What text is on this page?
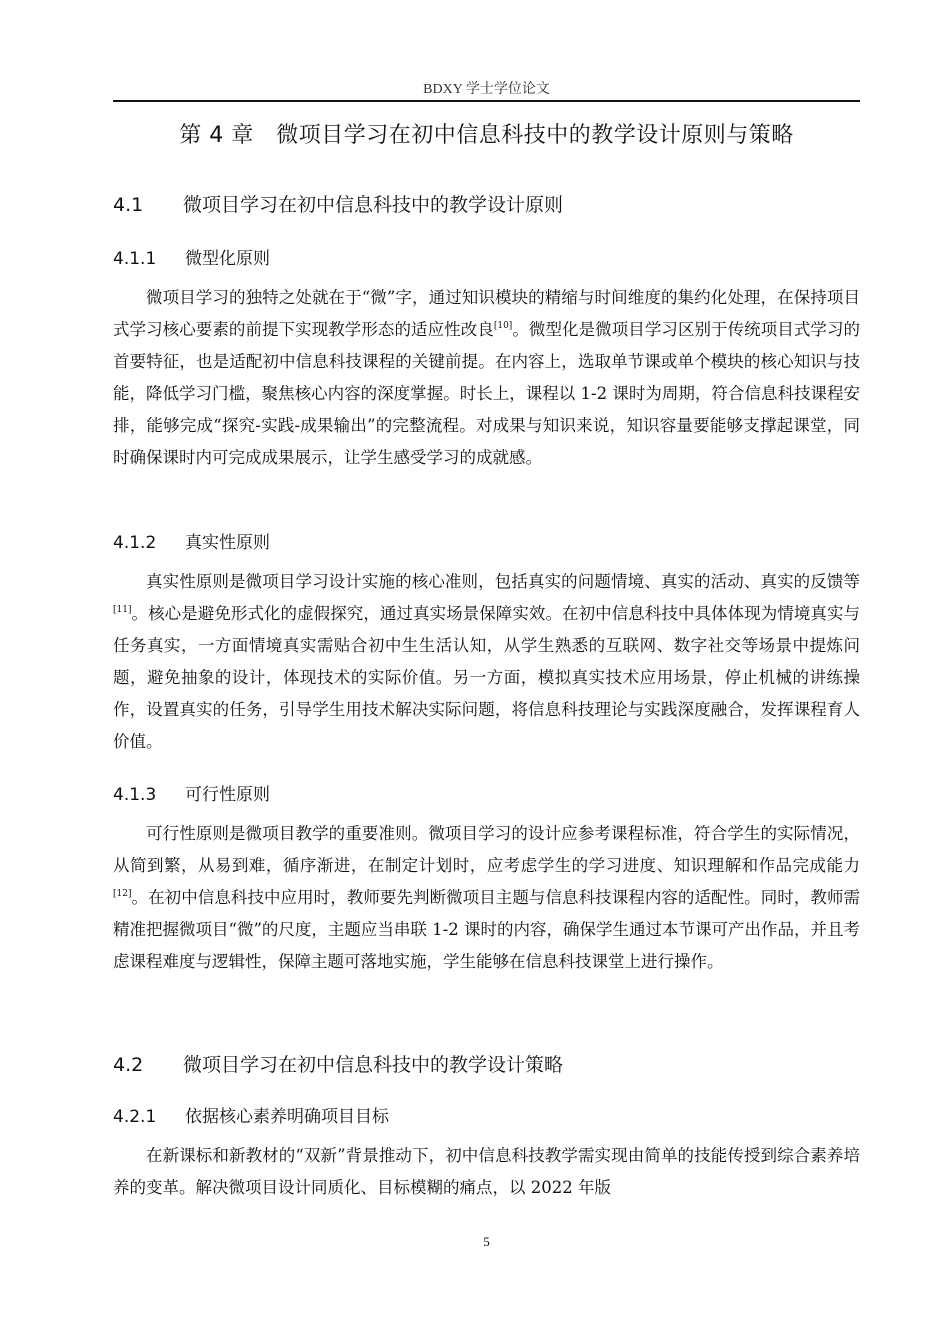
BDXY 学士学位论文
第 4 章　微项目学习在初中信息科技中的教学设计原则与策略
4.1 微项目学习在初中信息科技中的教学设计原则
4.1.1 微型化原则

微项目学习的独特之处就在于“微”字，通过知识模块的精缩与时间维度的集约化处理，在保持项目式学习核心要素的前提下实现教学形态的适应性改良[10]。微型化是微项目学习区别于传统项目式学习的首要特征，也是适配初中信息科技课程的关键前提。在内容上，选取单节课或单个模块的核心知识与技能，降低学习门槛，聚焦核心内容的深度掌握。时长上，课程以 1-2 课时为周期，符合信息科技课程安排，能够完成“探究-实践-成果输出”的完整流程。对成果与知识来说，知识容量要能够支撑起课堂，同时确保课时内可完成成果展示，让学生感受学习的成就感。

4.1.2 真实性原则

真实性原则是微项目学习设计实施的核心准则，包括真实的问题情境、真实的活动、真实的反馈等[11]。核心是避免形式化的虚假探究，通过真实场景保障实效。在初中信息科技中具体体现为情境真实与任务真实，一方面情境真实需贴合初中生生活认知，从学生熟悉的互联网、数字社交等场景中提炼问题，避免抽象的设计，体现技术的实际价值。另一方面，模拟真实技术应用场景，停止机械的讲练操作，设置真实的任务，引导学生用技术解决实际问题，将信息科技理论与实践深度融合，发挥课程育人价值。

4.1.3 可行性原则

可行性原则是微项目教学的重要准则。微项目学习的设计应参考课程标准，符合学生的实际情况，从简到繁，从易到难，循序渐进，在制定计划时，应考虑学生的学习进度、知识理解和作品完成能力[12]。在初中信息科技中应用时，教师要先判断微项目主题与信息科技课程内容的适配性。同时，教师需精准把握微项目“微”的尺度，主题应当串联 1-2 课时的内容，确保学生通过本节课可产出作品，并且考虑课程难度与逻辑性，保障主题可落地实施，学生能够在信息科技课堂上进行操作。

4.2 微项目学习在初中信息科技中的教学设计策略
4.2.1 依据核心素养明确项目目标

在新课标和新教材的“双新”背景推动下，初中信息科技教学需实现由简单的技能传授到综合素养培养的变革。解决微项目设计同质化、目标模糊的痛点，以 2022 年版

5
